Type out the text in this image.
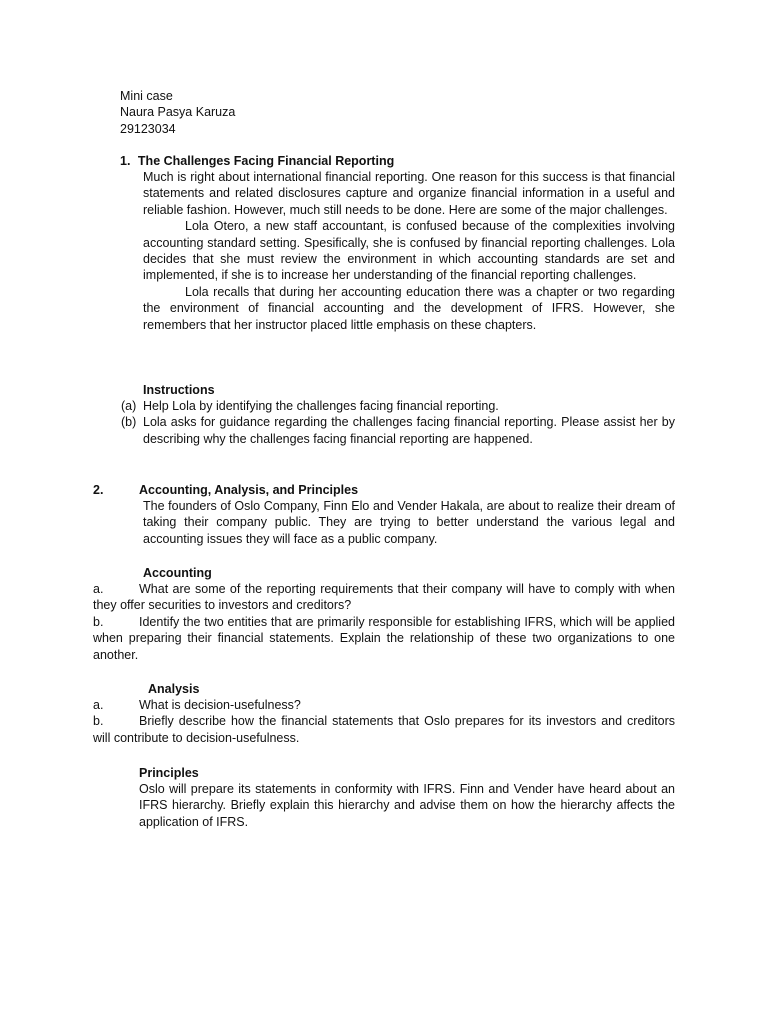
Mini case
Naura Pasya Karuza
29123034
1. The Challenges Facing Financial Reporting
Much is right about international financial reporting. One reason for this success is that financial statements and related disclosures capture and organize financial information in a useful and reliable fashion. However, much still needs to be done. Here are some of the major challenges.
Lola Otero, a new staff accountant, is confused because of the complexities involving accounting standard setting. Spesifically, she is confused by financial reporting challenges. Lola decides that she must review the environment in which accounting standards are set and implemented, if she is to increase her understanding of the financial reporting challenges.
Lola recalls that during her accounting education there was a chapter or two regarding the environment of financial accounting and the development of IFRS. However, she remembers that her instructor placed little emphasis on these chapters.
Instructions
(a) Help Lola by identifying the challenges facing financial reporting.
(b) Lola asks for guidance regarding the challenges facing financial reporting. Please assist her by describing why the challenges facing financial reporting are happened.
2.	Accounting, Analysis, and Principles
The founders of Oslo Company, Finn Elo and Vender Hakala, are about to realize their dream of taking their company public. They are trying to better understand the various legal and accounting issues they will face as a public company.
Accounting
a.	What are some of the reporting requirements that their company will have to comply with when they offer securities to investors and creditors?
b.	Identify the two entities that are primarily responsible for establishing IFRS, which will be applied when preparing their financial statements. Explain the relationship of these two organizations to one another.
Analysis
a.	What is decision-usefulness?
b.	Briefly describe how the financial statements that Oslo prepares for its investors and creditors will contribute to decision-usefulness.
Principles
Oslo will prepare its statements in conformity with IFRS. Finn and Vender have heard about an IFRS hierarchy. Briefly explain this hierarchy and advise them on how the hierarchy affects the application of IFRS.
